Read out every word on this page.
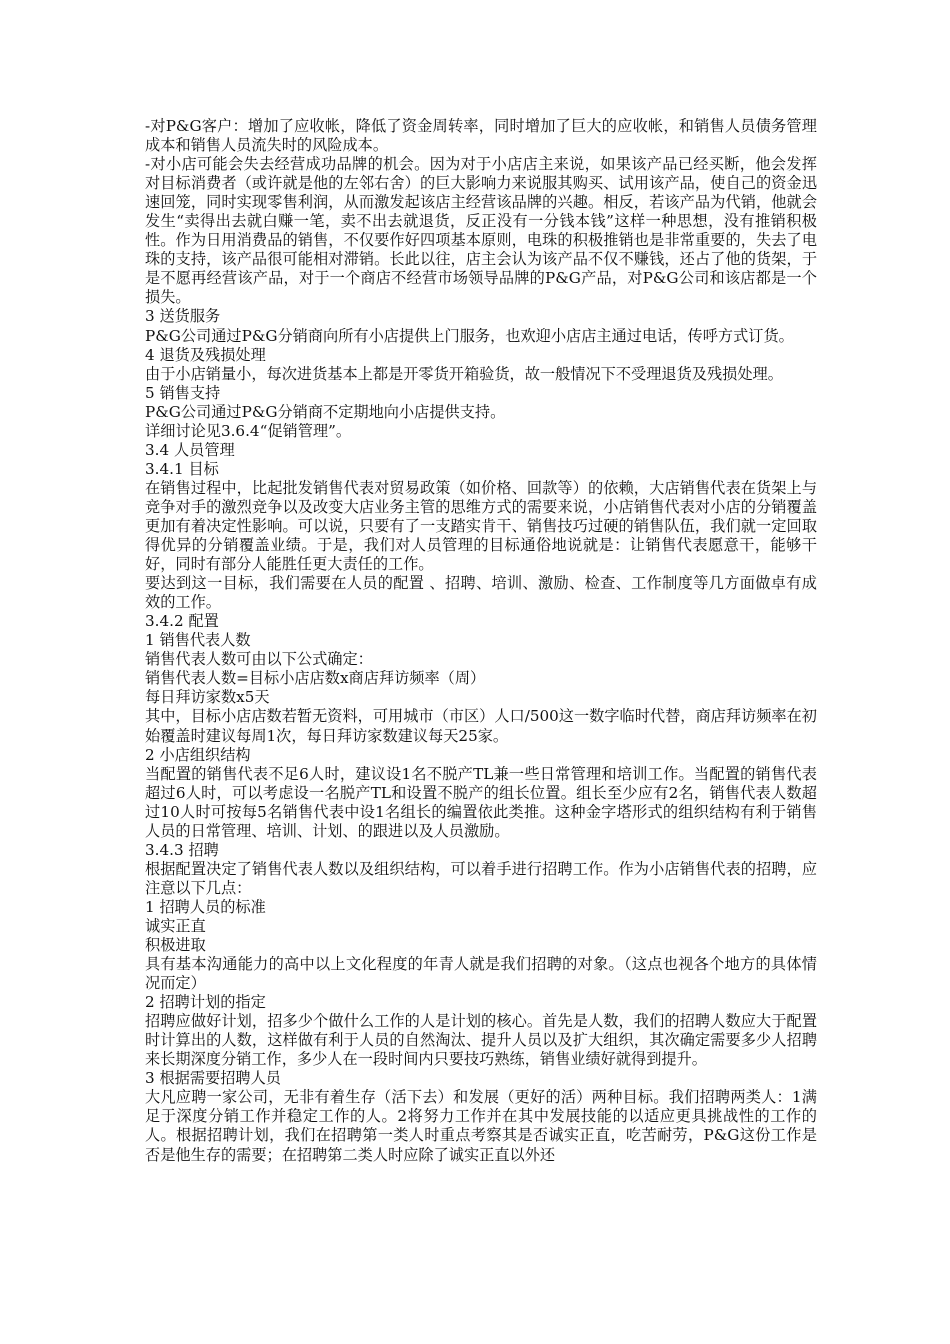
-对P&G客户：增加了应收帐，降低了资金周转率，同时增加了巨大的应收帐，和销售人员债务管理成本和销售人员流失时的风险成本。

-对小店可能会失去经营成功品牌的机会。因为对于小店店主来说，如果该产品已经买断，他会发挥对目标消费者（或许就是他的左邻右舍）的巨大影响力来说服其购买、试用该产品，使自己的资金迅速回笼，同时实现零售利润，从而激发起该店主经营该品牌的兴趣。相反，若该产品为代销，他就会发生“卖得出去就白赚一笔，卖不出去就退货，反正没有一分钱本钱”这样一种思想，没有推销积极性。作为日用消费品的销售，不仅要作好四项基本原则，电珠的积极推销也是非常重要的，失去了电珠的支持，该产品很可能相对滞销。长此以往，店主会认为该产品不仅不赚钱，还占了他的货架，于是不愿再经营该产品，对于一个商店不经营市场领导品牌的P&G产品，对P&G公司和该店都是一个损失。

3 送货服务

P&G公司通过P&G分销商向所有小店提供上门服务，也欢迎小店店主通过电话，传呼方式订货。

4 退货及残损处理

由于小店销量小，每次进货基本上都是开零货开箱验货，故一般情况下不受理退货及残损处理。

5 销售支持

P&G公司通过P&G分销商不定期地向小店提供支持。

详细讨论见3.6.4“促销管理”。

3.4 人员管理

3.4.1 目标

在销售过程中，比起批发销售代表对贸易政策（如价格、回款等）的依赖，大店销售代表在货架上与竞争对手的激烈竞争以及改变大店业务主管的思维方式的需要来说，小店销售代表对小店的分销覆盖更加有着决定性影响。可以说，只要有了一支踏实肯干、销售技巧过硬的销售队伍，我们就一定回取得优异的分销覆盖业绩。于是，我们对人员管理的目标通俗地说就是：让销售代表愿意干，能够干好，同时有部分人能胜任更大责任的工作。

要达到这一目标，我们需要在人员的配置 、招聘、培训、激励、检查、工作制度等几方面做卓有成效的工作。

3.4.2 配置

1 销售代表人数

销售代表人数可由以下公式确定：

销售代表人数=目标小店店数x商店拜访频率（周）

每日拜访家数x5天

其中，目标小店店数若暂无资料，可用城市（市区）人口/500这一数字临时代替，商店拜访频率在初始覆盖时建议每周1次，每日拜访家数建议每天25家。

2 小店组织结构

当配置的销售代表不足6人时，建议设1名不脱产TL兼一些日常管理和培训工作。当配置的销售代表超过6人时，可以考虑设一名脱产TL和设置不脱产的组长位置。组长至少应有2名，销售代表人数超过10人时可按每5名销售代表中设1名组长的编置依此类推。这种金字塔形式的组织结构有利于销售人员的日常管理、培训、计划、的跟进以及人员激励。

3.4.3 招聘

根据配置决定了销售代表人数以及组织结构，可以着手进行招聘工作。作为小店销售代表的招聘，应注意以下几点：

1 招聘人员的标准

诚实正直

积极进取

具有基本沟通能力的高中以上文化程度的年青人就是我们招聘的对象。（这点也视各个地方的具体情况而定）

2 招聘计划的指定

招聘应做好计划，招多少个做什么工作的人是计划的核心。首先是人数，我们的招聘人数应大于配置时计算出的人数，这样做有利于人员的自然淘汰、提升人员以及扩大组织，其次确定需要多少人招聘来长期深度分销工作，多少人在一段时间内只要技巧熟练，销售业绩好就得到提升。

3 根据需要招聘人员

大凡应聘一家公司，无非有着生存（活下去）和发展（更好的活）两种目标。我们招聘两类人：1满足于深度分销工作并稳定工作的人。2将努力工作并在其中发展技能的以适应更具挑战性的工作的人。根据招聘计划，我们在招聘第一类人时重点考察其是否诚实正直，吃苦耐劳，P&G这份工作是否是他生存的需要；在招聘第二类人时应除了诚实正直以外还
